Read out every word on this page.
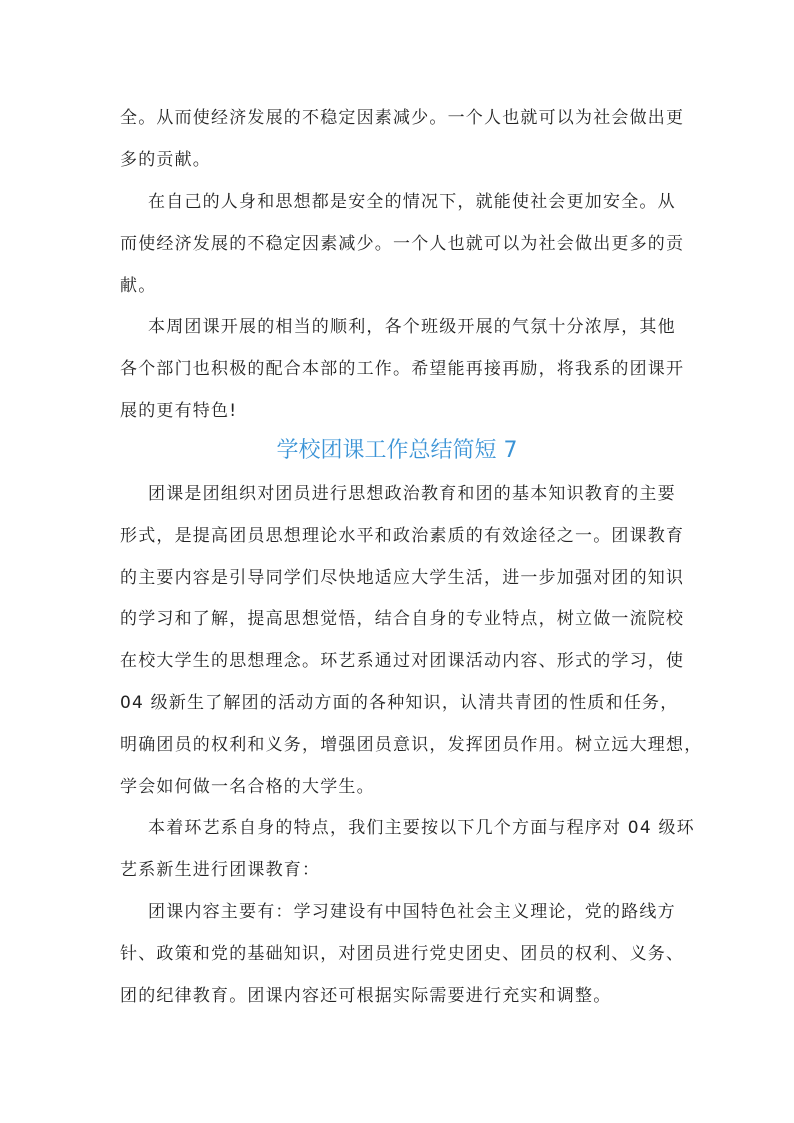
全。从而使经济发展的不稳定因素减少。一个人也就可以为社会做出更
多的贡献。
在自己的人身和思想都是安全的情况下，就能使社会更加安全。从
而使经济发展的不稳定因素减少。一个人也就可以为社会做出更多的贡
献。
本周团课开展的相当的顺利，各个班级开展的气氛十分浓厚，其他
各个部门也积极的配合本部的工作。希望能再接再励，将我系的团课开
展的更有特色!
学校团课工作总结简短 7
团课是团组织对团员进行思想政治教育和团的基本知识教育的主要
形式，是提高团员思想理论水平和政治素质的有效途径之一。团课教育
的主要内容是引导同学们尽快地适应大学生活，进一步加强对团的知识
的学习和了解，提高思想觉悟，结合自身的专业特点，树立做一流院校
在校大学生的思想理念。环艺系通过对团课活动内容、形式的学习，使
04 级新生了解团的活动方面的各种知识，认清共青团的性质和任务，
明确团员的权利和义务，增强团员意识，发挥团员作用。树立远大理想，
学会如何做一名合格的大学生。
本着环艺系自身的特点，我们主要按以下几个方面与程序对 04 级环
艺系新生进行团课教育：
团课内容主要有：学习建设有中国特色社会主义理论，党的路线方
针、政策和党的基础知识，对团员进行党史团史、团员的权利、义务、
团的纪律教育。团课内容还可根据实际需要进行充实和调整。
